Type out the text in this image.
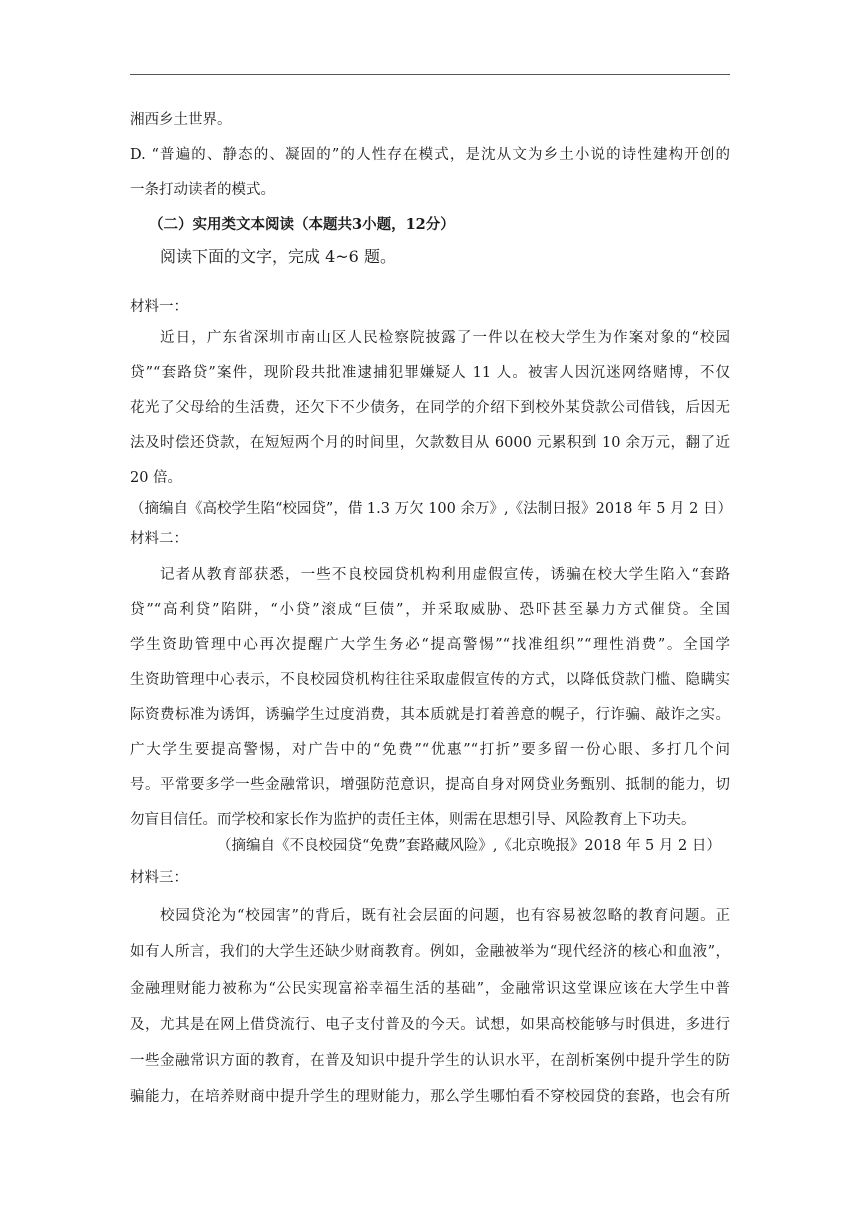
湘西乡土世界。
D. “普遍的、静态的、凝固的”的人性存在模式，是沈从文为乡土小说的诗性建构开创的
一条打动读者的模式。
（二）实用类文本阅读（本题共3小题，12分）
阅读下面的文字，完成 4~6 题。
材料一：
近日，广东省深圳市南山区人民检察院披露了一件以在校大学生为作案对象的“校园
贷”“套路贷”案件，现阶段共批准逮捕犯罪嫌疑人 11 人。被害人因沉迷网络赌博，不仅
花光了父母给的生活费，还欠下不少债务，在同学的介绍下到校外某贷款公司借钱，后因无
法及时偿还贷款，在短短两个月的时间里，欠款数目从 6000 元累积到 10 余万元，翻了近
20 倍。
（摘编自《高校学生陷“校园贷”，借 1.3 万欠 100 余万》,《法制日报》2018 年 5 月 2 日）
材料二：
记者从教育部获悉，一些不良校园贷机构利用虚假宣传，诱骗在校大学生陷入“套路
贷”“高利贷”陷阱，“小贷”滚成“巨债”，并采取威胁、恐吓甚至暴力方式催贷。全国
学生资助管理中心再次提醒广大学生务必“提高警惕”“找准组织”“理性消费”。全国学
生资助管理中心表示，不良校园贷机构往往采取虚假宣传的方式，以降低贷款门槛、隐瞒实
际资费标准为诱饵，诱骗学生过度消费，其本质就是打着善意的幌子，行诈骗、敲诈之实。
广大学生要提高警惕，对广告中的“免费”“优惠”“打折”要多留一份心眼、多打几个问
号。平常要多学一些金融常识，增强防范意识，提高自身对网贷业务甄别、抵制的能力，切
勿盲目信任。而学校和家长作为监护的责任主体，则需在思想引导、风险教育上下功夫。
（摘编自《不良校园贷“免费”套路藏风险》,《北京晚报》2018 年 5 月 2 日）
材料三：
校园贷沦为“校园害”的背后，既有社会层面的问题，也有容易被忽略的教育问题。正
如有人所言，我们的大学生还缺少财商教育。例如，金融被举为“现代经济的核心和血液”，
金融理财能力被称为“公民实现富裕幸福生活的基础”，金融常识这堂课应该在大学生中普
及，尤其是在网上借贷流行、电子支付普及的今天。试想，如果高校能够与时俱进，多进行
一些金融常识方面的教育，在普及知识中提升学生的认识水平，在剖析案例中提升学生的防
骗能力，在培养财商中提升学生的理财能力，那么学生哪怕看不穿校园贷的套路，也会有所
